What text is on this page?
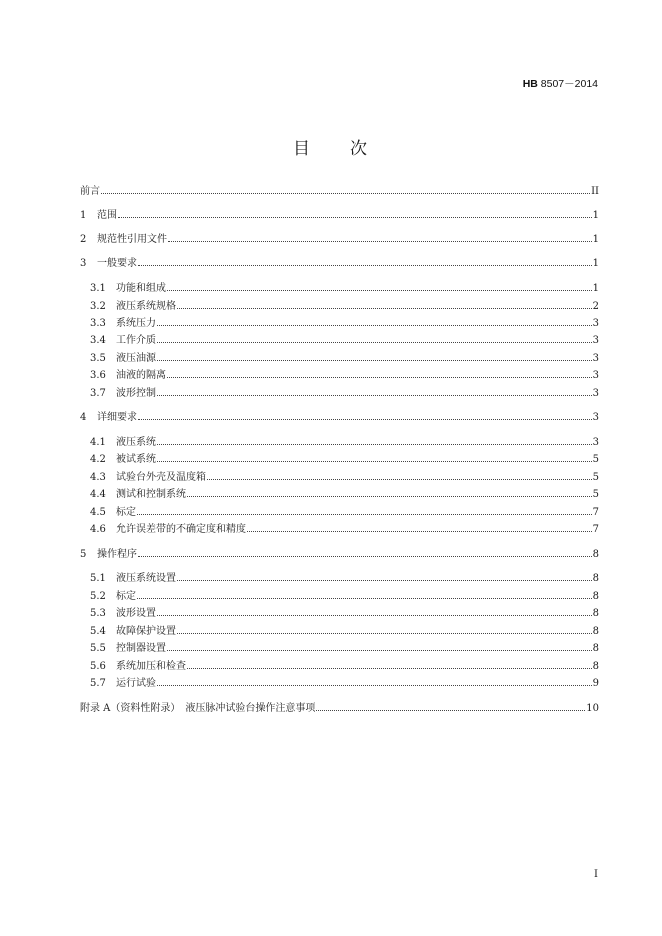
HB 8507－2014
目 次
前言	II
1	范围	1
2	规范性引用文件	1
3	一般要求	1
3.1	功能和组成	1
3.2	液压系统规格	2
3.3	系统压力	3
3.4	工作介质	3
3.5	液压油源	3
3.6	油液的隔离	3
3.7	波形控制	3
4	详细要求	3
4.1	液压系统	3
4.2	被试系统	5
4.3	试验台外壳及温度箱	5
4.4	测试和控制系统	5
4.5	标定	7
4.6	允许误差带的不确定度和精度	7
5	操作程序	8
5.1	液压系统设置	8
5.2	标定	8
5.3	波形设置	8
5.4	故障保护设置	8
5.5	控制器设置	8
5.6	系统加压和检查	8
5.7	运行试验	9
附录 A（资料性附录）　液压脉冲试验台操作注意事项	10
I
